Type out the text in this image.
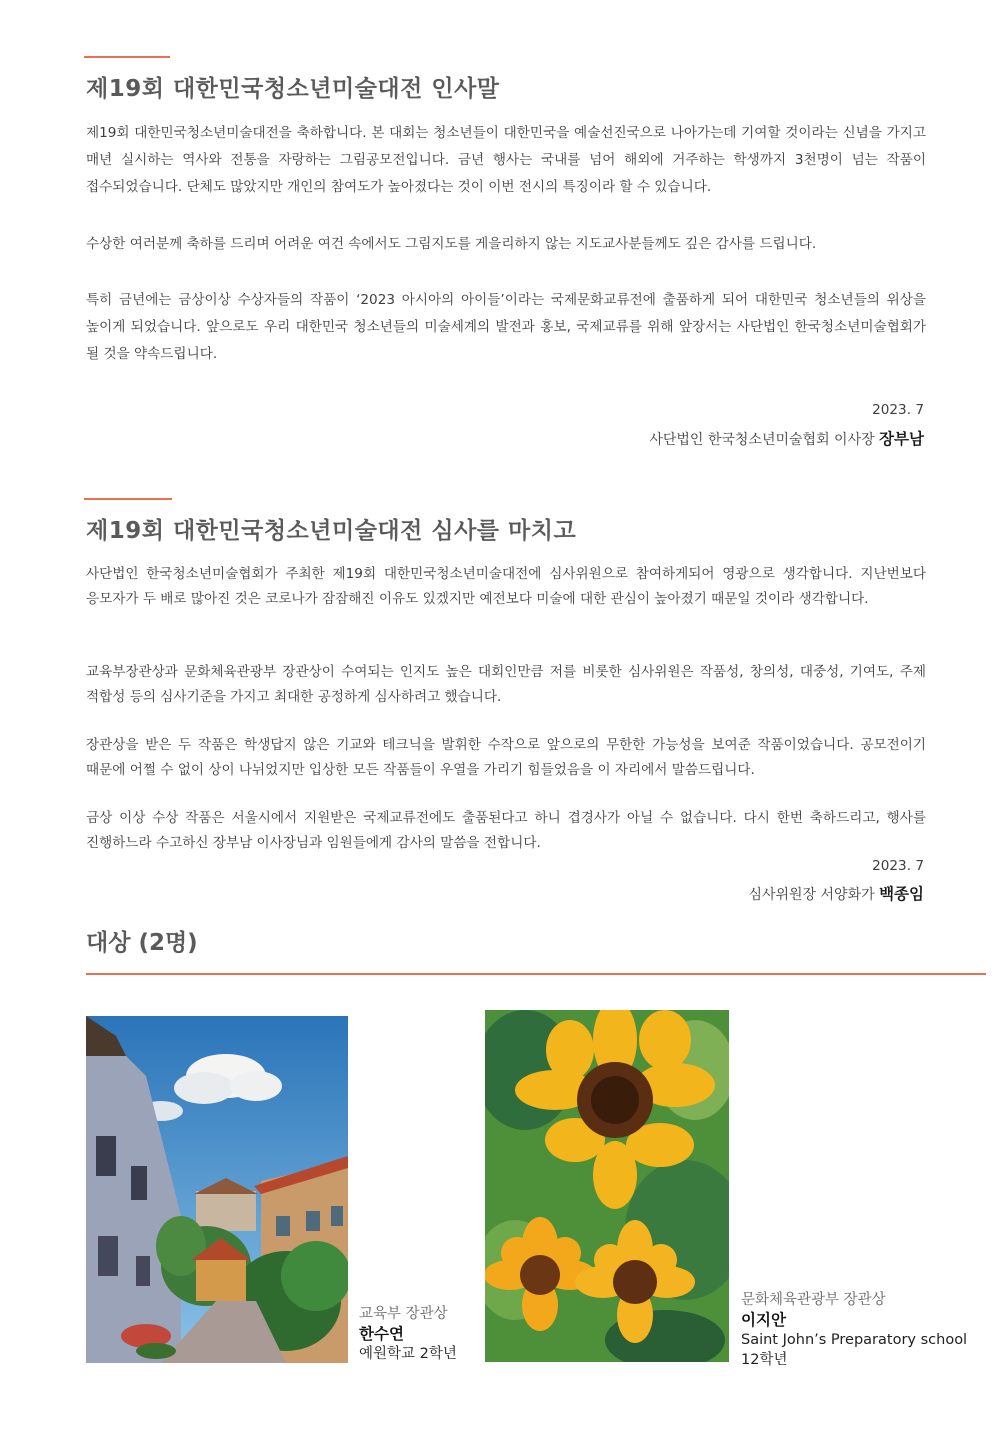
제19회 대한민국청소년미술대전 인사말

제19회 대한민국청소년미술대전을 축하합니다. 본 대회는 청소년들이 대한민국을 예술선진국으로 나아가는데 기여할 것이라는 신념을 가지고 매년 실시하는 역사와 전통을 자랑하는 그림공모전입니다. 금년 행사는 국내를 넘어 해외에 거주하는 학생까지 3천명이 넘는 작품이 접수되었습니다. 단체도 많았지만 개인의 참여도가 높아졌다는 것이 이번 전시의 특징이라 할 수 있습니다.

수상한 여러분께 축하를 드리며 어려운 여건 속에서도 그림지도를 게을리하지 않는 지도교사분들께도 깊은 감사를 드립니다.

특히 금년에는 금상이상 수상자들의 작품이 ‘2023 아시아의 아이들’이라는 국제문화교류전에 출품하게 되어 대한민국 청소년들의 위상을 높이게 되었습니다. 앞으로도 우리 대한민국 청소년들의 미술세계의 발전과 홍보, 국제교류를 위해 앞장서는 사단법인 한국청소년미술협회가 될 것을 약속드립니다.

2023. 7
사단법인 한국청소년미술협회 이사장 장부남
제19회 대한민국청소년미술대전 심사를 마치고

사단법인 한국청소년미술협회가 주최한 제19회 대한민국청소년미술대전에 심사위원으로 참여하게되어 영광으로 생각합니다. 지난번보다 응모자가 두 배로 많아진 것은 코로나가 잠잠해진 이유도 있겠지만 예전보다 미술에 대한 관심이 높아졌기 때문일 것이라 생각합니다.

교육부장관상과 문화체육관광부 장관상이 수여되는 인지도 높은 대회인만큼 저를 비롯한 심사위원은 작품성, 창의성, 대중성, 기여도, 주제 적합성 등의 심사기준을 가지고 최대한 공정하게 심사하려고 했습니다.

장관상을 받은 두 작품은 학생답지 않은 기교와 테크닉을 발휘한 수작으로 앞으로의 무한한 가능성을 보여준 작품이었습니다. 공모전이기 때문에 어쩔 수 없이 상이 나뉘었지만 입상한 모든 작품들이 우열을 가리기 힘들었음을 이 자리에서 말씀드립니다.

금상 이상 수상 작품은 서울시에서 지원받은 국제교류전에도 출품된다고 하니 겹경사가 아닐 수 없습니다. 다시 한번 축하드리고, 행사를 진행하느라 수고하신 장부남 이사장님과 임원들에게 감사의 말씀을 전합니다.

2023. 7
심사위원장 서양화가 백종임
대상 (2명)
교육부 장관상
한수연
예원학교 2학년
문화체육관광부 장관상
이지안
Saint John’s Preparatory school
12학년
